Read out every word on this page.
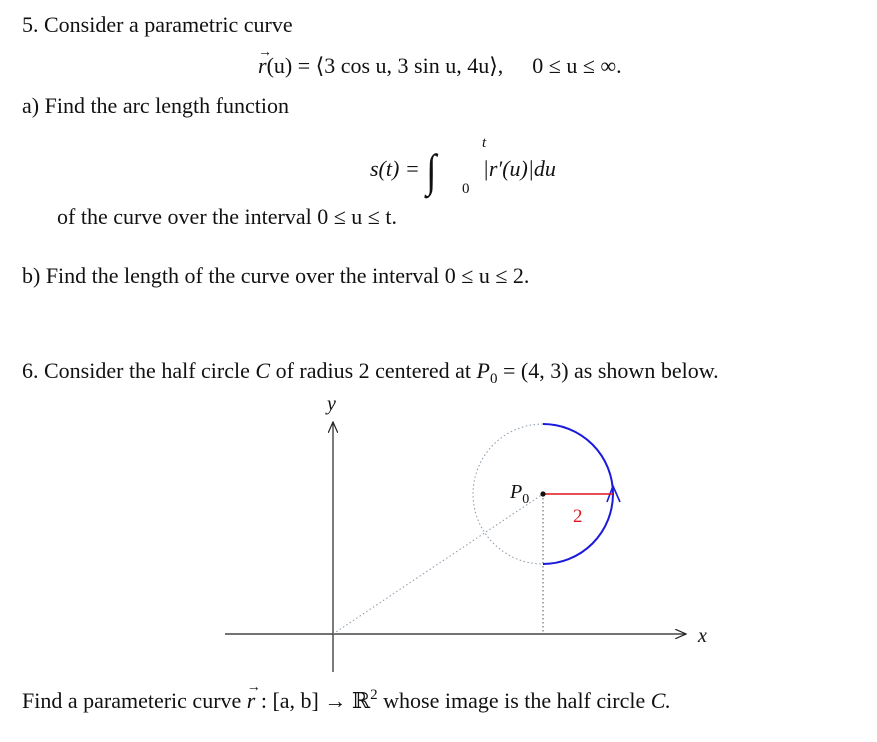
5. Consider a parametric curve
→ r(u) = ⟨3 cos u, 3 sin u, 4u⟩, 0 ≤ u ≤ ∞.
a) Find the arc length function
s(t) = ∫ |r′(u)|du
t
0
of the curve over the interval 0 ≤ u ≤ t.
b) Find the length of the curve over the interval 0 ≤ u ≤ 2.
6. Consider the half circle C of radius 2 centered at $P_0 = (4$, 3) as shown below.
y
x
2
$P_0$
Find a parameteric curve → r : [a, b] → ℝ$^2$ whose image is the half circle C.
